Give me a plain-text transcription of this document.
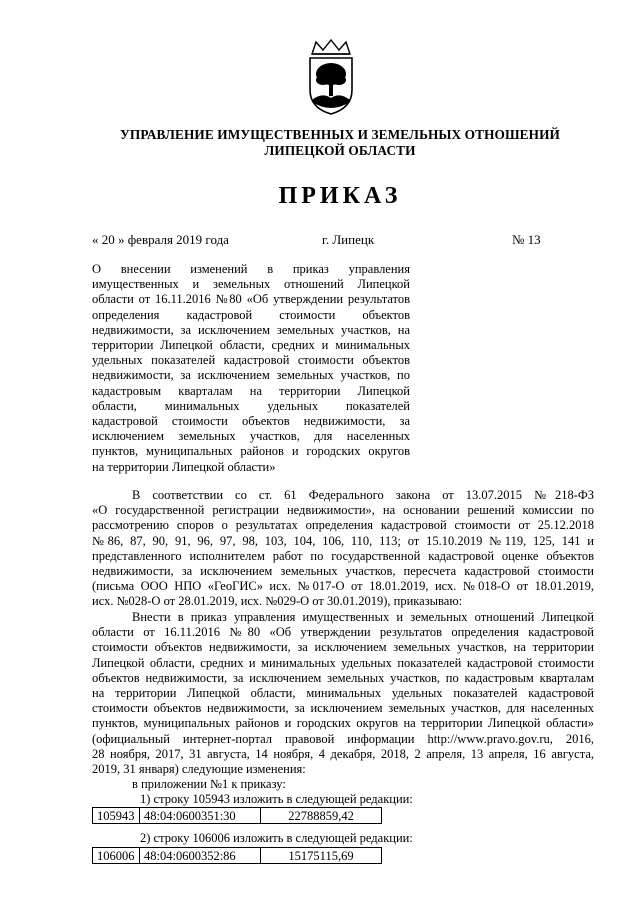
УПРАВЛЕНИЕ ИМУЩЕСТВЕННЫХ И ЗЕМЕЛЬНЫХ ОТНОШЕНИЙ
ЛИПЕЦКОЙ ОБЛАСТИ
ПРИКАЗ
« 20 » февраля 2019 года	г. Липецк	№ 13
О внесении изменений в приказ управления
имущественных и земельных отношений Липецкой
области от 16.11.2016 №80 «Об утверждении результатов
определения кадастровой стоимости объектов
недвижимости, за исключением земельных участков, на
территории Липецкой области, средних и минимальных
удельных показателей кадастровой стоимости объектов
недвижимости, за исключением земельных участков, по
кадастровым кварталам на территории Липецкой
области, минимальных удельных показателей
кадастровой стоимости объектов недвижимости, за
исключением земельных участков, для населенных
пунктов, муниципальных районов и городских округов
на территории Липецкой области»
В соответствии со ст. 61 Федерального закона от 13.07.2015 №218-ФЗ
«О государственной регистрации недвижимости», на основании решений комиссии по
рассмотрению споров о результатах определения кадастровой стоимости от 25.12.2018
№86, 87, 90, 91, 96, 97, 98, 103, 104, 106, 110, 113; от 15.10.2019 №119, 125, 141 и
представленного исполнителем работ по государственной кадастровой оценке объектов
недвижимости, за исключением земельных участков, пересчета кадастровой стоимости
(письма ООО НПО «ГеоГИС» исх. №017-О от 18.01.2019, исх. №018-О от 18.01.2019,
исх. №028-О от 28.01.2019, исх. №029-О от 30.01.2019), приказываю:
Внести в приказ управления имущественных и земельных отношений Липецкой
области от 16.11.2016 №80 «Об утверждении результатов определения кадастровой
стоимости объектов недвижимости, за исключением земельных участков, на территории
Липецкой области, средних и минимальных удельных показателей кадастровой стоимости
объектов недвижимости, за исключением земельных участков, по кадастровым кварталам
на территории Липецкой области, минимальных удельных показателей кадастровой
стоимости объектов недвижимости, за исключением земельных участков, для населенных
пунктов, муниципальных районов и городских округов на территории Липецкой области»
(официальный интернет-портал правовой информации http://www.pravo.gov.ru, 2016,
28 ноября, 2017, 31 августа, 14 ноября, 4 декабря, 2018, 2 апреля, 13 апреля, 16 августа,
2019, 31 января) следующие изменения:
в приложении №1 к приказу:
1) строку 105943 изложить в следующей редакции:
105943	48:04:0600351:30	22788859,42
2) строку 106006 изложить в следующей редакции:
106006	48:04:0600352:86	15175115,69
